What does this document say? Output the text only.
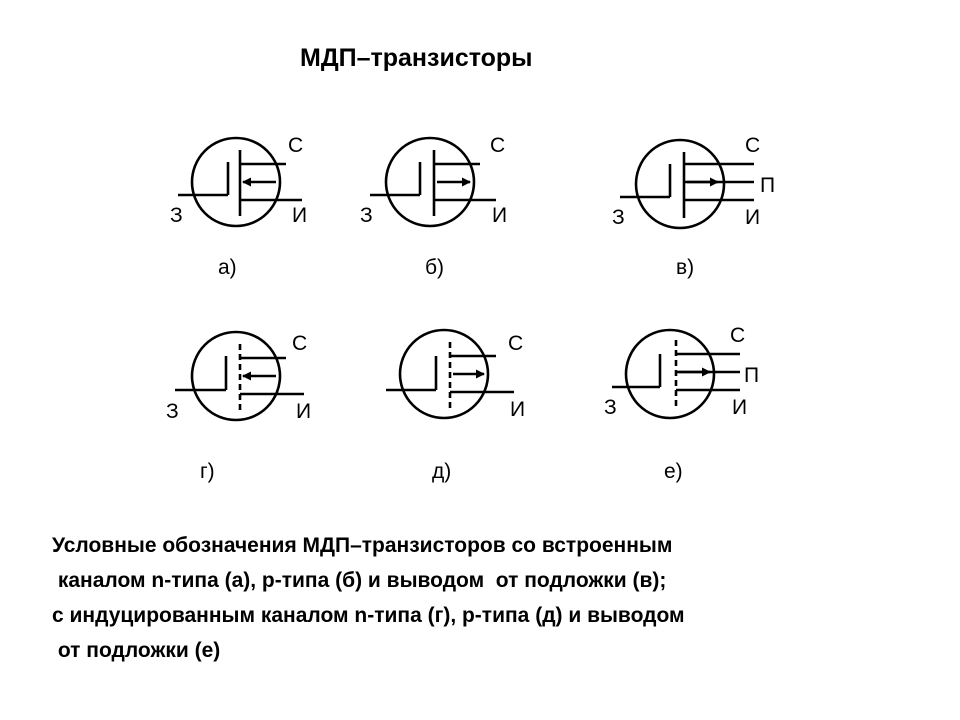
МДП–транзисторы
С
З	И
а)
С
З	И
б)
С
П
З	И
в)
С
З	И
г)
С
И
д)
С
П
З	И
е)
Условные обозначения МДП–транзисторов со встроенным
каналом n-типа (а), р-типа (б) и выводом  от подложки (в);
с индуцированным каналом n-типа (г), р-типа (д) и выводом
от подложки (е)
